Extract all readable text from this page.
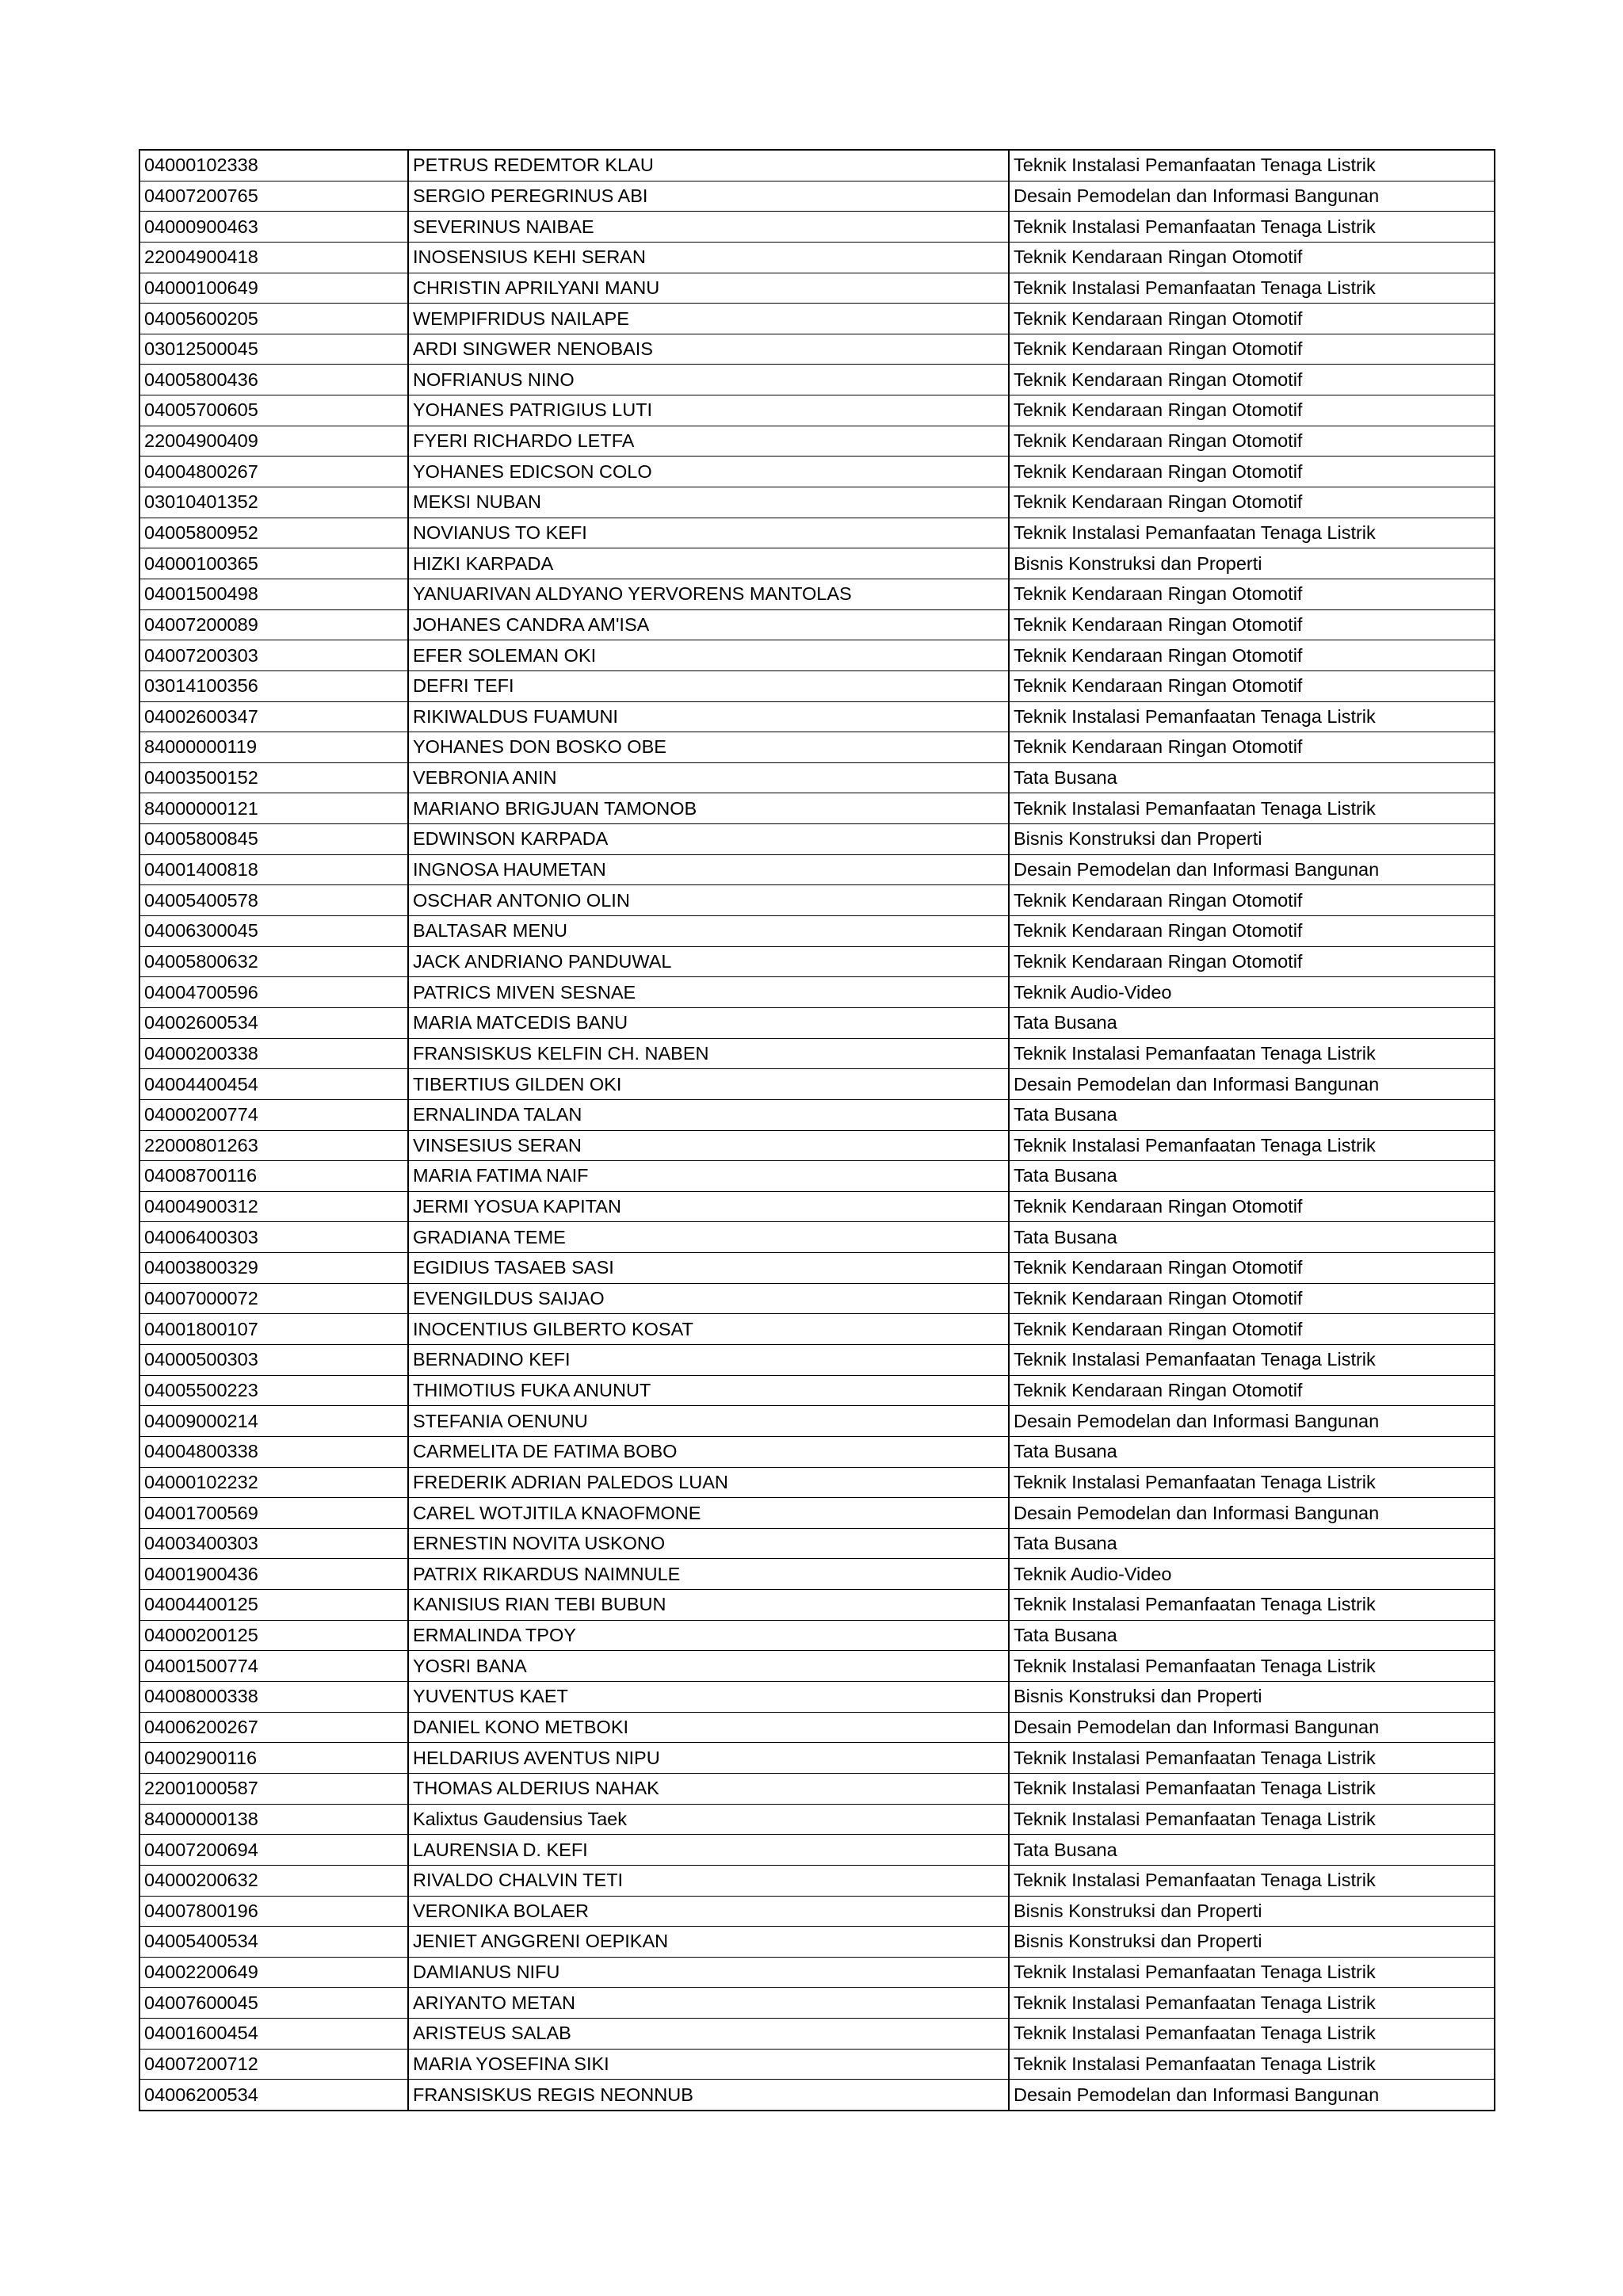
04000102338	PETRUS REDEMTOR KLAU	Teknik Instalasi Pemanfaatan Tenaga Listrik
04007200765	SERGIO PEREGRINUS ABI	Desain Pemodelan dan Informasi Bangunan
04000900463	SEVERINUS NAIBAE	Teknik Instalasi Pemanfaatan Tenaga Listrik
22004900418	INOSENSIUS KEHI SERAN	Teknik Kendaraan Ringan Otomotif
04000100649	CHRISTIN APRILYANI MANU	Teknik Instalasi Pemanfaatan Tenaga Listrik
04005600205	WEMPIFRIDUS NAILAPE	Teknik Kendaraan Ringan Otomotif
03012500045	ARDI SINGWER NENOBAIS	Teknik Kendaraan Ringan Otomotif
04005800436	NOFRIANUS NINO	Teknik Kendaraan Ringan Otomotif
04005700605	YOHANES PATRIGIUS LUTI	Teknik Kendaraan Ringan Otomotif
22004900409	FYERI RICHARDO LETFA	Teknik Kendaraan Ringan Otomotif
04004800267	YOHANES EDICSON COLO	Teknik Kendaraan Ringan Otomotif
03010401352	MEKSI NUBAN	Teknik Kendaraan Ringan Otomotif
04005800952	NOVIANUS TO KEFI	Teknik Instalasi Pemanfaatan Tenaga Listrik
04000100365	HIZKI KARPADA	Bisnis Konstruksi dan Properti
04001500498	YANUARIVAN ALDYANO YERVORENS MANTOLAS	Teknik Kendaraan Ringan Otomotif
04007200089	JOHANES CANDRA AM'ISA	Teknik Kendaraan Ringan Otomotif
04007200303	EFER SOLEMAN OKI	Teknik Kendaraan Ringan Otomotif
03014100356	DEFRI TEFI	Teknik Kendaraan Ringan Otomotif
04002600347	RIKIWALDUS FUAMUNI	Teknik Instalasi Pemanfaatan Tenaga Listrik
84000000119	YOHANES DON BOSKO OBE	Teknik Kendaraan Ringan Otomotif
04003500152	VEBRONIA ANIN	Tata Busana
84000000121	MARIANO BRIGJUAN TAMONOB	Teknik Instalasi Pemanfaatan Tenaga Listrik
04005800845	EDWINSON KARPADA	Bisnis Konstruksi dan Properti
04001400818	INGNOSA HAUMETAN	Desain Pemodelan dan Informasi Bangunan
04005400578	OSCHAR ANTONIO OLIN	Teknik Kendaraan Ringan Otomotif
04006300045	BALTASAR MENU	Teknik Kendaraan Ringan Otomotif
04005800632	JACK ANDRIANO PANDUWAL	Teknik Kendaraan Ringan Otomotif
04004700596	PATRICS MIVEN SESNAE	Teknik Audio-Video
04002600534	MARIA MATCEDIS BANU	Tata Busana
04000200338	FRANSISKUS KELFIN CH. NABEN	Teknik Instalasi Pemanfaatan Tenaga Listrik
04004400454	TIBERTIUS GILDEN OKI	Desain Pemodelan dan Informasi Bangunan
04000200774	ERNALINDA TALAN	Tata Busana
22000801263	VINSESIUS SERAN	Teknik Instalasi Pemanfaatan Tenaga Listrik
04008700116	MARIA FATIMA NAIF	Tata Busana
04004900312	JERMI YOSUA KAPITAN	Teknik Kendaraan Ringan Otomotif
04006400303	GRADIANA TEME	Tata Busana
04003800329	EGIDIUS TASAEB SASI	Teknik Kendaraan Ringan Otomotif
04007000072	EVENGILDUS SAIJAO	Teknik Kendaraan Ringan Otomotif
04001800107	INOCENTIUS GILBERTO KOSAT	Teknik Kendaraan Ringan Otomotif
04000500303	BERNADINO KEFI	Teknik Instalasi Pemanfaatan Tenaga Listrik
04005500223	THIMOTIUS FUKA ANUNUT	Teknik Kendaraan Ringan Otomotif
04009000214	STEFANIA OENUNU	Desain Pemodelan dan Informasi Bangunan
04004800338	CARMELITA DE FATIMA BOBO	Tata Busana
04000102232	FREDERIK ADRIAN PALEDOS LUAN	Teknik Instalasi Pemanfaatan Tenaga Listrik
04001700569	CAREL WOTJITILA KNAOFMONE	Desain Pemodelan dan Informasi Bangunan
04003400303	ERNESTIN NOVITA USKONO	Tata Busana
04001900436	PATRIX RIKARDUS NAIMNULE	Teknik Audio-Video
04004400125	KANISIUS RIAN TEBI BUBUN	Teknik Instalasi Pemanfaatan Tenaga Listrik
04000200125	ERMALINDA TPOY	Tata Busana
04001500774	YOSRI BANA	Teknik Instalasi Pemanfaatan Tenaga Listrik
04008000338	YUVENTUS KAET	Bisnis Konstruksi dan Properti
04006200267	DANIEL KONO METBOKI	Desain Pemodelan dan Informasi Bangunan
04002900116	HELDARIUS AVENTUS NIPU	Teknik Instalasi Pemanfaatan Tenaga Listrik
22001000587	THOMAS ALDERIUS NAHAK	Teknik Instalasi Pemanfaatan Tenaga Listrik
84000000138	Kalixtus Gaudensius Taek	Teknik Instalasi Pemanfaatan Tenaga Listrik
04007200694	LAURENSIA D. KEFI	Tata Busana
04000200632	RIVALDO CHALVIN TETI	Teknik Instalasi Pemanfaatan Tenaga Listrik
04007800196	VERONIKA BOLAER	Bisnis Konstruksi dan Properti
04005400534	JENIET ANGGRENI OEPIKAN	Bisnis Konstruksi dan Properti
04002200649	DAMIANUS NIFU	Teknik Instalasi Pemanfaatan Tenaga Listrik
04007600045	ARIYANTO METAN	Teknik Instalasi Pemanfaatan Tenaga Listrik
04001600454	ARISTEUS SALAB	Teknik Instalasi Pemanfaatan Tenaga Listrik
04007200712	MARIA YOSEFINA SIKI	Teknik Instalasi Pemanfaatan Tenaga Listrik
04006200534	FRANSISKUS REGIS NEONNUB	Desain Pemodelan dan Informasi Bangunan
